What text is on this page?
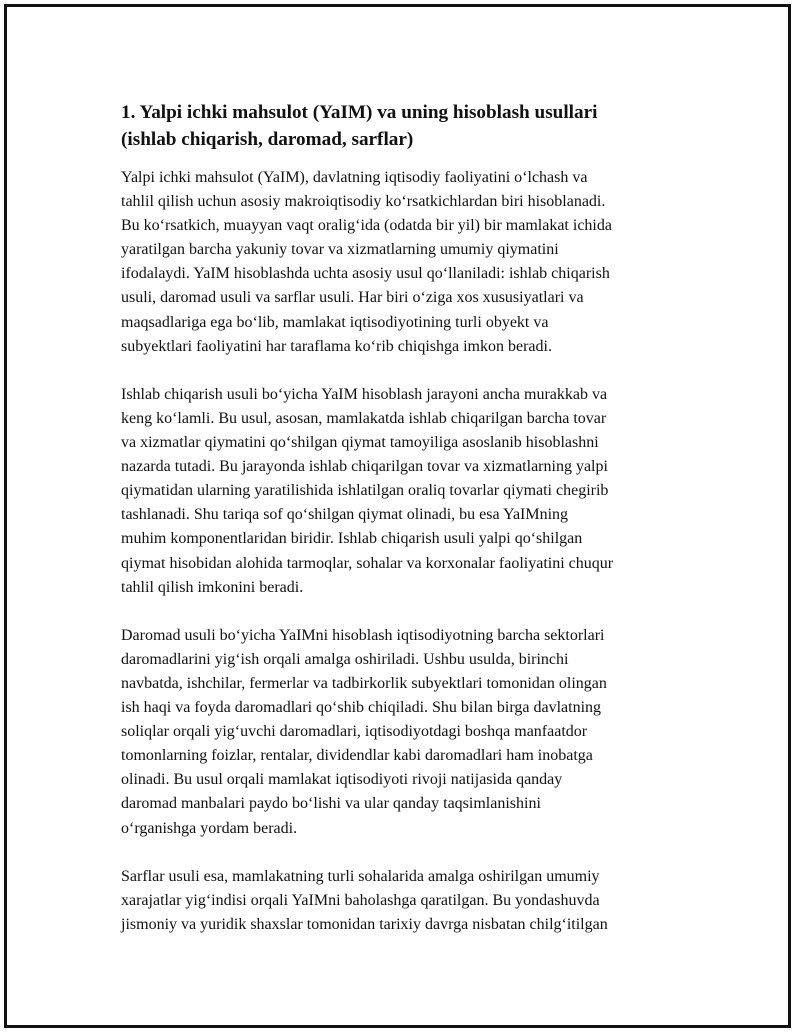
1. Yalpi ichki mahsulot (YaIM) va uning hisoblash usullari
(ishlab chiqarish, daromad, sarflar)

Yalpi ichki mahsulot (YaIM), davlatning iqtisodiy faoliyatini o‘lchash va
tahlil qilish uchun asosiy makroiqtisodiy ko‘rsatkichlardan biri hisoblanadi.
Bu ko‘rsatkich, muayyan vaqt oralig‘ida (odatda bir yil) bir mamlakat ichida
yaratilgan barcha yakuniy tovar va xizmatlarning umumiy qiymatini
ifodalaydi. YaIM hisoblashda uchta asosiy usul qo‘llaniladi: ishlab chiqarish
usuli, daromad usuli va sarflar usuli. Har biri o‘ziga xos xususiyatlari va
maqsadlariga ega bo‘lib, mamlakat iqtisodiyotining turli obyekt va
subyektlari faoliyatini har taraflama ko‘rib chiqishga imkon beradi.

Ishlab chiqarish usuli bo‘yicha YaIM hisoblash jarayoni ancha murakkab va
keng ko‘lamli. Bu usul, asosan, mamlakatda ishlab chiqarilgan barcha tovar
va xizmatlar qiymatini qo‘shilgan qiymat tamoyiliga asoslanib hisoblashni
nazarda tutadi. Bu jarayonda ishlab chiqarilgan tovar va xizmatlarning yalpi
qiymatidan ularning yaratilishida ishlatilgan oraliq tovarlar qiymati chegirib
tashlanadi. Shu tariqa sof qo‘shilgan qiymat olinadi, bu esa YaIMning
muhim komponentlaridan biridir. Ishlab chiqarish usuli yalpi qo‘shilgan
qiymat hisobidan alohida tarmoqlar, sohalar va korxonalar faoliyatini chuqur
tahlil qilish imkonini beradi.

Daromad usuli bo‘yicha YaIMni hisoblash iqtisodiyotning barcha sektorlari
daromadlarini yig‘ish orqali amalga oshiriladi. Ushbu usulda, birinchi
navbatda, ishchilar, fermerlar va tadbirkorlik subyektlari tomonidan olingan
ish haqi va foyda daromadlari qo‘shib chiqiladi. Shu bilan birga davlatning
soliqlar orqali yig‘uvchi daromadlari, iqtisodiyotdagi boshqa manfaatdor
tomonlarning foizlar, rentalar, dividendlar kabi daromadlari ham inobatga
olinadi. Bu usul orqali mamlakat iqtisodiyoti rivoji natijasida qanday
daromad manbalari paydo bo‘lishi va ular qanday taqsimlanishini
o‘rganishga yordam beradi.

Sarflar usuli esa, mamlakatning turli sohalarida amalga oshirilgan umumiy
xarajatlar yig‘indisi orqali YaIMni baholashga qaratilgan. Bu yondashuvda
jismoniy va yuridik shaxslar tomonidan tarixiy davrga nisbatan chilg‘itilgan
